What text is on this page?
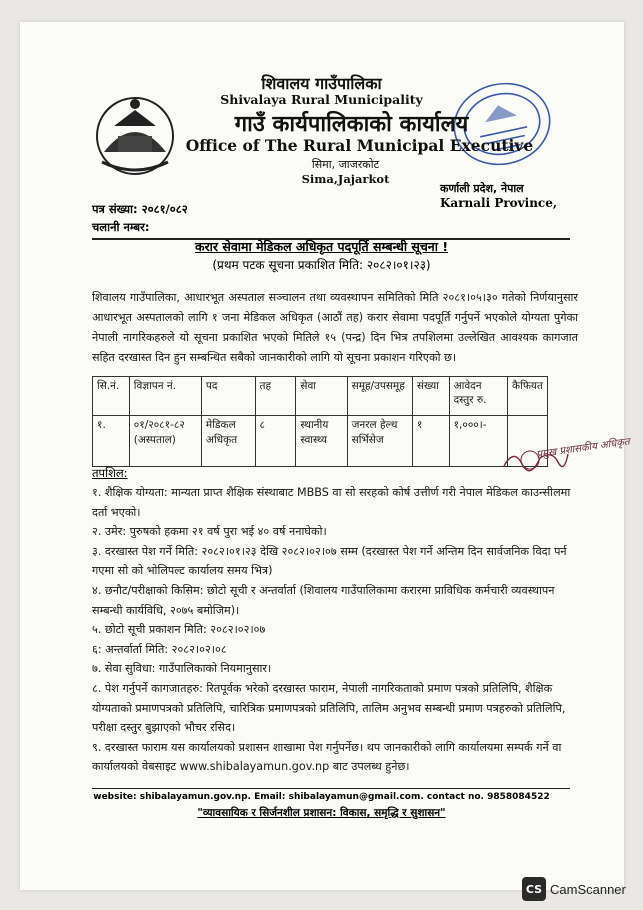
शिवालय गाउँपालिका
Shivalaya Rural Municipality
गाउँ कार्यपालिकाको कार्यालय
Office of The Rural Municipal Executive
सिमा, जाजरकोट
Sima,Jajarkot
कर्णाली प्रदेश, नेपाल
Karnali Province,
पत्र संख्या: २०८१/०८२
चलानी नम्बर:
करार सेवामा मेडिकल अधिकृत पदपूर्ति सम्बन्धी सूचना !
(प्रथम पटक सूचना प्रकाशित मिति: २०८२।०१।२३)
शिवालय गाउँपालिका, आधारभूत अस्पताल सञ्चालन तथा व्यवस्थापन समितिको मिति २०८१।०५।३० गतेको निर्णयानुसार आधारभूत अस्पतालको लागि १ जना मेडिकल अधिकृत (आठौं तह) करार सेवामा पदपूर्ति गर्नुपर्ने भएकोले योग्यता पुगेका नेपाली नागरिकहरुले यो सूचना प्रकाशित भएको मितिले १५ (पन्द्र) दिन भित्र तपशिलमा उल्लेखित आवश्यक कागजात सहित दरखास्त दिन हुन सम्बन्धित सबैको जानकारीको लागि यो सूचना प्रकाशन गरिएको छ।
सि.नं.	विज्ञापन नं.	पद	तह	सेवा	समूह/उपसमूह	संख्या	आवेदन दस्तुर रु.	कैफियत
१.	०१/२०८१-८२ (अस्पताल)	मेडिकल अधिकृत	८	स्थानीय स्वास्थ्य	जनरल हेल्थ सर्भिसेज	१	१,०००।-	
प्रमुख प्रशासकीय अधिकृत
तपशिल:

१. शैक्षिक योग्यता: मान्यता प्राप्त शैक्षिक संस्थाबाट MBBS वा सो सरहको कोर्ष उत्तीर्ण गरी नेपाल मेडिकल काउन्सीलमा दर्ता भएको।

२. उमेर: पुरुषको हकमा २१ वर्ष पुरा भई ४० वर्ष ननाघेको।

३. दरखास्त पेश गर्ने मिति: २०८२।०१।२३ देखि २०८२।०२।०७ सम्म (दरखास्त पेश गर्ने अन्तिम दिन सार्वजनिक विदा पर्न गएमा सो को भोलिपल्ट कार्यालय समय भित्र)

४. छनौट/परीक्षाको किसिम: छोटो सूची र अन्तर्वार्ता (शिवालय गाउँपालिकामा करारमा प्राविधिक कर्मचारी व्यवस्थापन सम्बन्धी कार्यविधि, २०७५ बमोजिम)।

५. छोटो सूची प्रकाशन मिति: २०८२।०२।०७

६: अन्तर्वार्ता मिति: २०८२।०२।०८

७. सेवा सुविधा: गाउँपालिकाको नियमानुसार।

८. पेश गर्नुपर्ने कागजातहरु: रितपूर्वक भरेको दरखास्त फाराम, नेपाली नागरिकताको प्रमाण पत्रको प्रतिलिपि, शैक्षिक योग्यताको प्रमाणपत्रको प्रतिलिपि, चारित्रिक प्रमाणपत्रको प्रतिलिपि, तालिम अनुभव सम्बन्धी प्रमाण पत्रहरुको प्रतिलिपि, परीक्षा दस्तुर बुझाएको भौचर रसिद।

९. दरखास्त फाराम यस कार्यालयको प्रशासन शाखामा पेश गर्नुपर्नेछ। थप जानकारीको लागि कार्यालयमा सम्पर्क गर्ने वा कार्यालयको वेबसाइट www.shibalayamun.gov.np बाट उपलब्ध हुनेछ।

website: shibalayamun.gov.np. Email: shibalayamun@gmail.com. contact no. 9858084522
"व्यावसायिक र सिर्जनशील प्रशासन: विकास, समृद्धि र सुशासन"
CS CamScanner
